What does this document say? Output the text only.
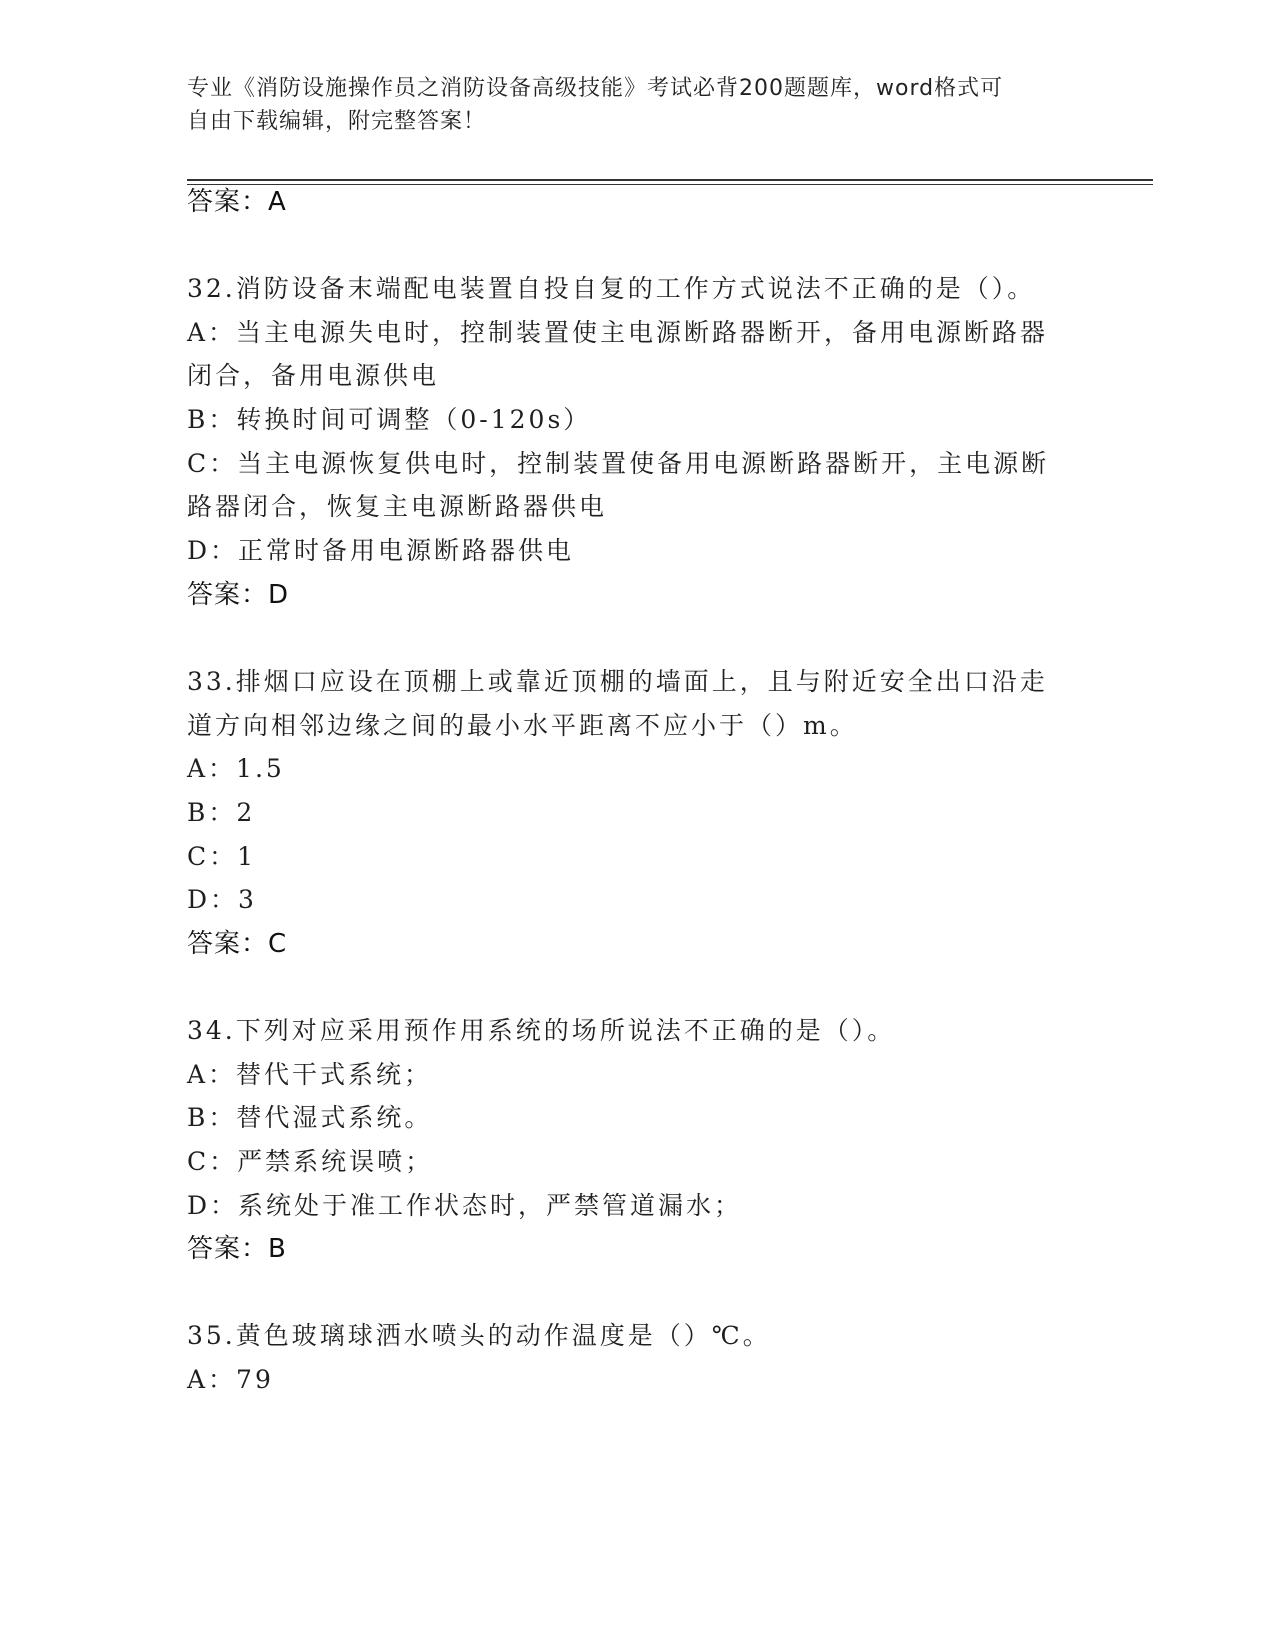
专业《消防设施操作员之消防设备高级技能》考试必背200题题库，word格式可
自由下载编辑，附完整答案！
答案：A
32.消防设备末端配电装置自投自复的工作方式说法不正确的是（）。
A：当主电源失电时，控制装置使主电源断路器断开，备用电源断路器
闭合，备用电源供电
B：转换时间可调整（0-120s）
C：当主电源恢复供电时，控制装置使备用电源断路器断开，主电源断
路器闭合，恢复主电源断路器供电
D：正常时备用电源断路器供电
答案：D
33.排烟口应设在顶棚上或靠近顶棚的墙面上，且与附近安全出口沿走
道方向相邻边缘之间的最小水平距离不应小于（）m。
A：1.5
B：2
C：1
D：3
答案：C
34.下列对应采用预作用系统的场所说法不正确的是（）。
A：替代干式系统；
B：替代湿式系统。
C：严禁系统误喷；
D：系统处于准工作状态时，严禁管道漏水；
答案：B
35.黄色玻璃球洒水喷头的动作温度是（）℃。
A：79
